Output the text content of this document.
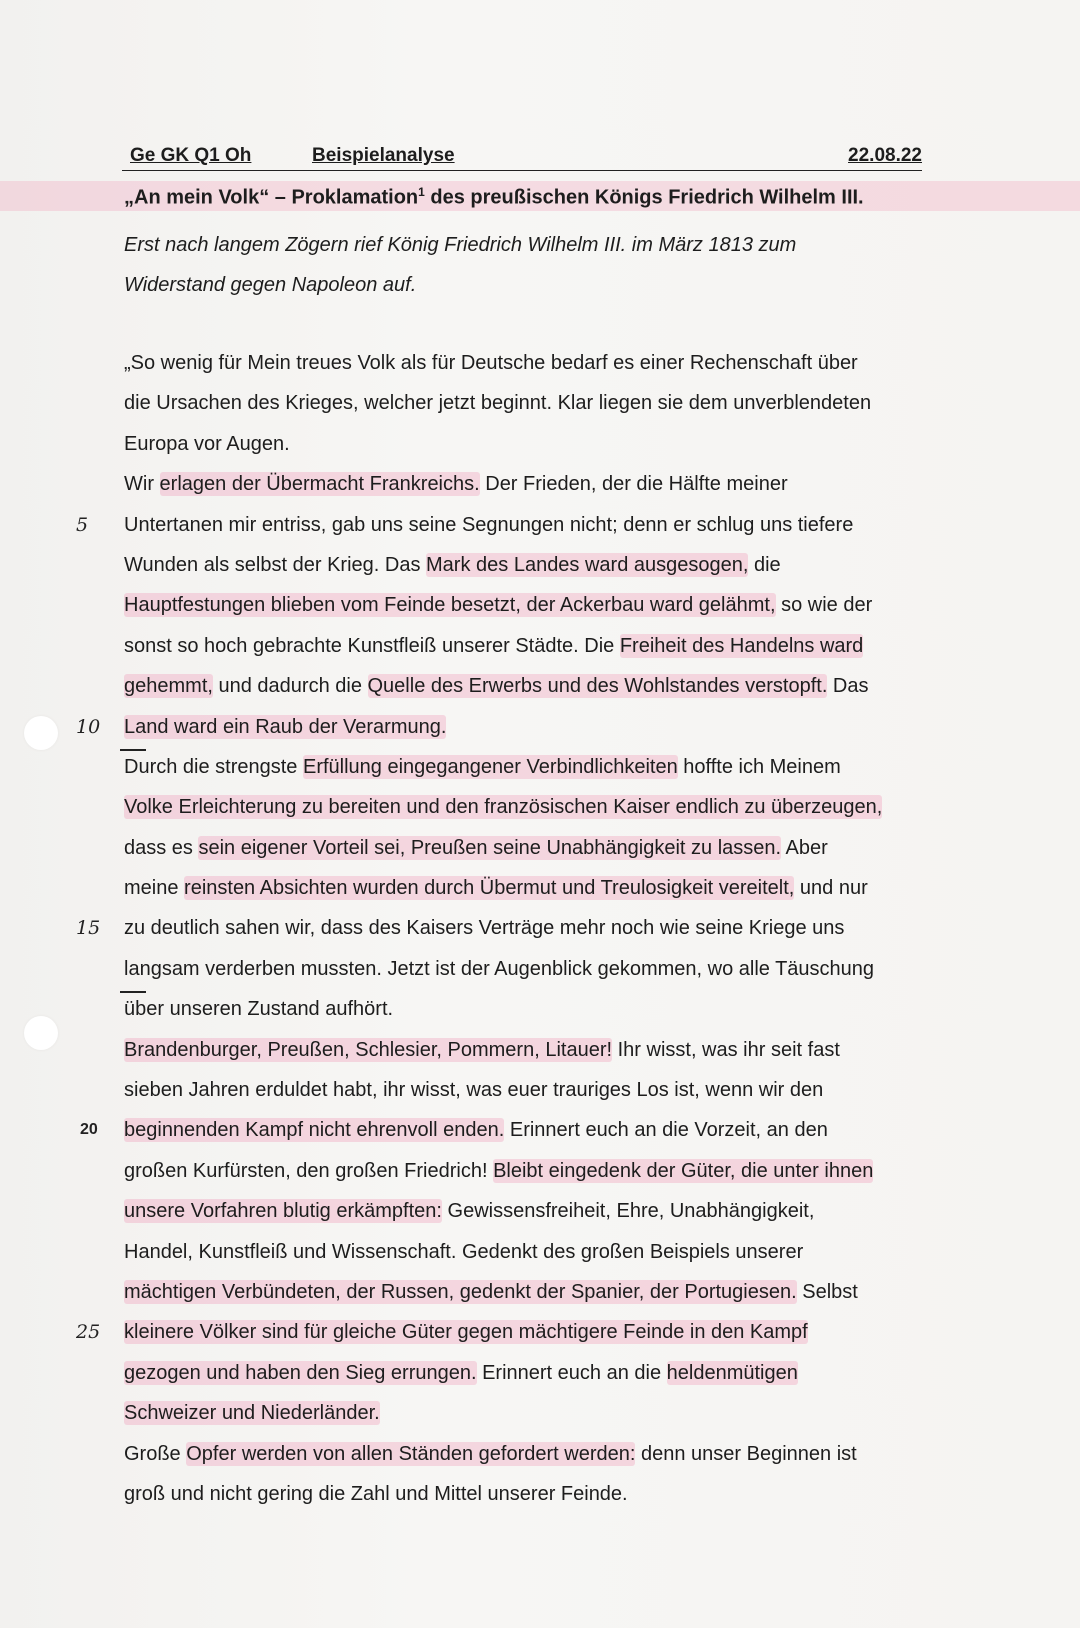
Ge GK Q1 Oh	Beispielanalyse	22.08.22
„An mein Volk“ – Proklamation$^1$ des preußischen Königs Friedrich Wilhelm III.
Erst nach langem Zögern rief König Friedrich Wilhelm III. im März 1813 zum
Widerstand gegen Napoleon auf.
„So wenig für Mein treues Volk als für Deutsche bedarf es einer Rechenschaft über
die Ursachen des Krieges, welcher jetzt beginnt. Klar liegen sie dem unverblendeten
Europa vor Augen.
Wir erlagen der Übermacht Frankreichs. Der Frieden, der die Hälfte meiner
5	Untertanen mir entriss, gab uns seine Segnungen nicht; denn er schlug uns tiefere
Wunden als selbst der Krieg. Das Mark des Landes ward ausgesogen, die
Hauptfestungen blieben vom Feinde besetzt, der Ackerbau ward gelähmt, so wie der
sonst so hoch gebrachte Kunstfleiß unserer Städte. Die Freiheit des Handelns ward
gehemmt, und dadurch die Quelle des Erwerbs und des Wohlstandes verstopft. Das
10 Land ward ein Raub der Verarmung.
Durch die strengste Erfüllung eingegangener Verbindlichkeiten hoffte ich Meinem
Volke Erleichterung zu bereiten und den französischen Kaiser endlich zu überzeugen,
dass es sein eigener Vorteil sei, Preußen seine Unabhängigkeit zu lassen. Aber
meine reinsten Absichten wurden durch Übermut und Treulosigkeit vereitelt, und nur
15 zu deutlich sahen wir, dass des Kaisers Verträge mehr noch wie seine Kriege uns
langsam verderben mussten. Jetzt ist der Augenblick gekommen, wo alle Täuschung
über unseren Zustand aufhört.
Brandenburger, Preußen, Schlesier, Pommern, Litauer! Ihr wisst, was ihr seit fast
sieben Jahren erduldet habt, ihr wisst, was euer trauriges Los ist, wenn wir den
20	beginnenden Kampf nicht ehrenvoll enden. Erinnert euch an die Vorzeit, an den
großen Kurfürsten, den großen Friedrich! Bleibt eingedenk der Güter, die unter ihnen
unsere Vorfahren blutig erkämpften: Gewissensfreiheit, Ehre, Unabhängigkeit,
Handel, Kunstfleiß und Wissenschaft. Gedenkt des großen Beispiels unserer
mächtigen Verbündeten, der Russen, gedenkt der Spanier, der Portugiesen. Selbst
25 kleinere Völker sind für gleiche Güter gegen mächtigere Feinde in den Kampf
gezogen und haben den Sieg errungen. Erinnert euch an die heldenmütigen
Schweizer und Niederländer.
Große Opfer werden von allen Ständen gefordert werden: denn unser Beginnen ist
groß und nicht gering die Zahl und Mittel unserer Feinde.
